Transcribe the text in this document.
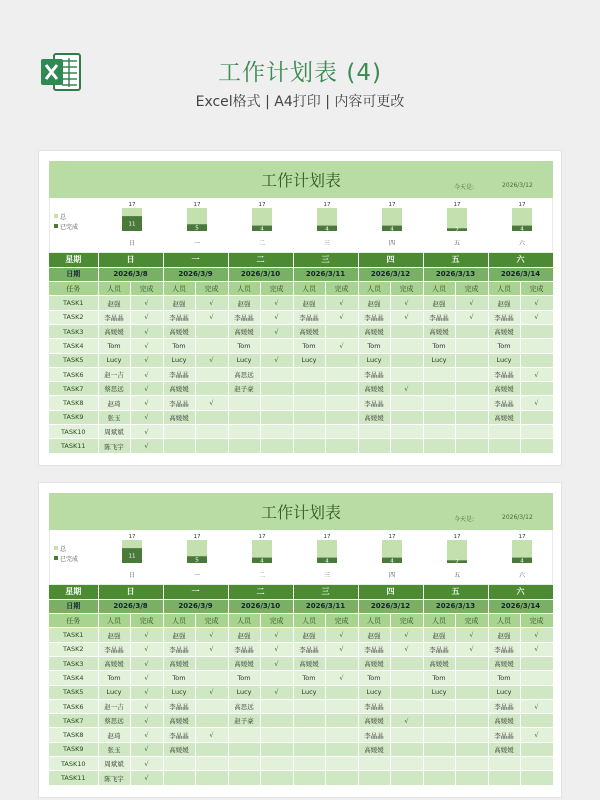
工作计划表 (4)
Excel格式 | A4打印 | 内容可更改
工作计划表	今天是:	2026/3/12
总
已完成
17
11
日
17
5
一
17
4
二
17
4
三
17
4
四
17
2
五
17
4
六
星期	日		一		二		三		四		五		六	
日期	2026/3/8		2026/3/9		2026/3/10		2026/3/11		2026/3/12		2026/3/13		2026/3/14	
任务	人员	完成	人员	完成	人员	完成	人员	完成	人员	完成	人员	完成	人员	完成
TASK1	赵强	√	赵强	√	赵强	√	赵强	√	赵强	√	赵强	√	赵强	√
TASK2	李晶晶	√	李晶晶	√	李晶晶	√	李晶晶	√	李晶晶	√	李晶晶	√	李晶晶	√
TASK3	高媛媛	√	高媛媛		高媛媛	√	高媛媛		高媛媛		高媛媛		高媛媛	
TASK4	Tom	√	Tom		Tom		Tom	√	Tom		Tom		Tom	
TASK5	Lucy	√	Lucy	√	Lucy	√	Lucy		Lucy		Lucy		Lucy	
TASK6	赵一吉	√	李晶晶		高思远				李晶晶				李晶晶	√
TASK7	蔡思远	√	高媛媛		赵子豪				高媛媛	√			高媛媛	
TASK8	赵琦	√	李晶晶	√					李晶晶				李晶晶	√
TASK9	张玉	√	高媛媛						高媛媛				高媛媛	
TASK10	周斌斌	√												
TASK11	陈飞宇	√												
工作计划表	今天是:	2026/3/12
总
已完成
17
11
日
17
5
一
17
4
二
17
4
三
17
4
四
17
2
五
17
4
六
星期	日		一		二		三		四		五		六	
日期	2026/3/8		2026/3/9		2026/3/10		2026/3/11		2026/3/12		2026/3/13		2026/3/14	
任务	人员	完成	人员	完成	人员	完成	人员	完成	人员	完成	人员	完成	人员	完成
TASK1	赵强	√	赵强	√	赵强	√	赵强	√	赵强	√	赵强	√	赵强	√
TASK2	李晶晶	√	李晶晶	√	李晶晶	√	李晶晶	√	李晶晶	√	李晶晶	√	李晶晶	√
TASK3	高媛媛	√	高媛媛		高媛媛	√	高媛媛		高媛媛		高媛媛		高媛媛	
TASK4	Tom	√	Tom		Tom		Tom	√	Tom		Tom		Tom	
TASK5	Lucy	√	Lucy	√	Lucy	√	Lucy		Lucy		Lucy		Lucy	
TASK6	赵一吉	√	李晶晶		高思远				李晶晶				李晶晶	√
TASK7	蔡思远	√	高媛媛		赵子豪				高媛媛	√			高媛媛	
TASK8	赵琦	√	李晶晶	√					李晶晶				李晶晶	√
TASK9	张玉	√	高媛媛						高媛媛				高媛媛	
TASK10	周斌斌	√												
TASK11	陈飞宇	√												
